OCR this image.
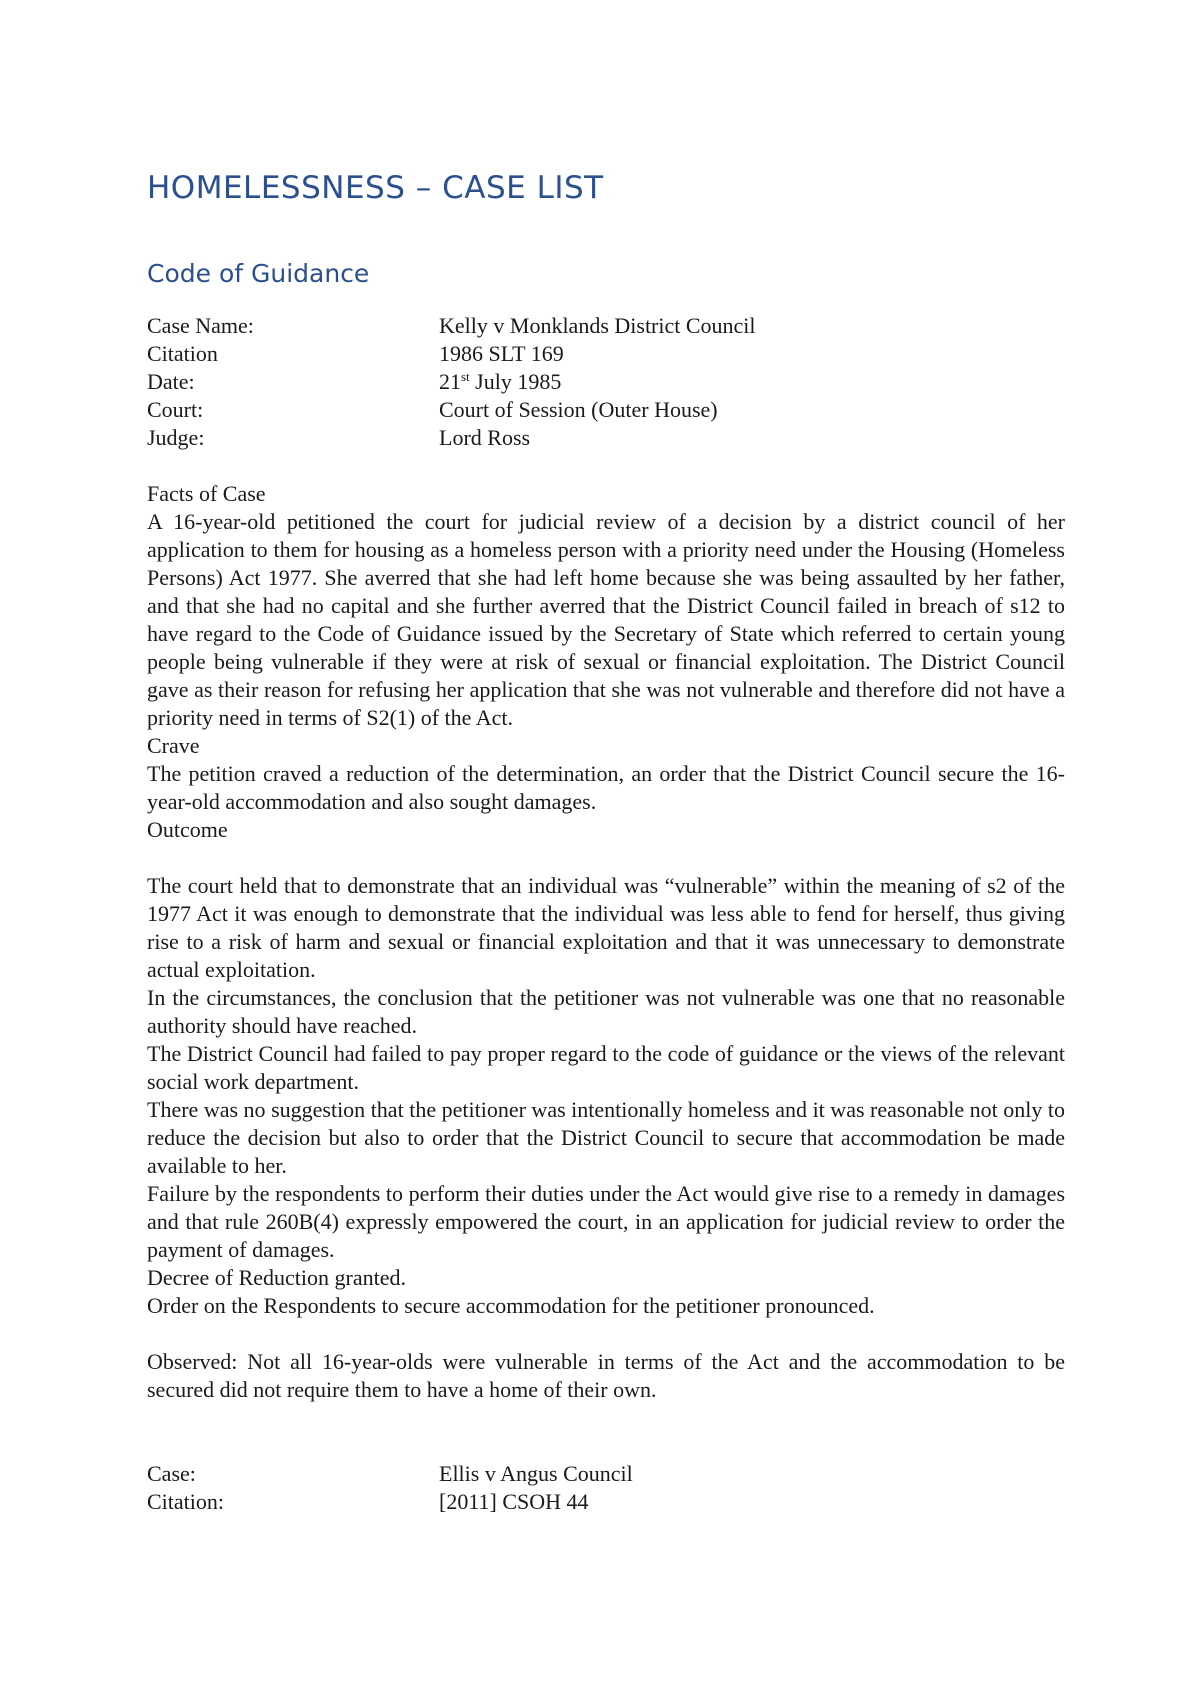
HOMELESSNESS – CASE LIST
Code of Guidance
Case Name:	Kelly v Monklands District Council
Citation	1986 SLT 169
Date:	21st July 1985
Court:	Court of Session (Outer House)
Judge:	Lord Ross

Facts of Case

A 16-year-old petitioned the court for judicial review of a decision by a district council of her application to them for housing as a homeless person with a priority need under the Housing (Homeless Persons) Act 1977. She averred that she had left home because she was being assaulted by her father, and that she had no capital and she further averred that the District Council failed in breach of s12 to have regard to the Code of Guidance issued by the Secretary of State which referred to certain young people being vulnerable if they were at risk of sexual or financial exploitation. The District Council gave as their reason for refusing her application that she was not vulnerable and therefore did not have a priority need in terms of S2(1) of the Act.

Crave

The petition craved a reduction of the determination, an order that the District Council secure the 16-year-old accommodation and also sought damages.

Outcome

The court held that to demonstrate that an individual was “vulnerable” within the meaning of s2 of the 1977 Act it was enough to demonstrate that the individual was less able to fend for herself, thus giving rise to a risk of harm and sexual or financial exploitation and that it was unnecessary to demonstrate actual exploitation.

In the circumstances, the conclusion that the petitioner was not vulnerable was one that no reasonable authority should have reached.

The District Council had failed to pay proper regard to the code of guidance or the views of the relevant social work department.

There was no suggestion that the petitioner was intentionally homeless and it was reasonable not only to reduce the decision but also to order that the District Council to secure that accommodation be made available to her.

Failure by the respondents to perform their duties under the Act would give rise to a remedy in damages and that rule 260B(4) expressly empowered the court, in an application for judicial review to order the payment of damages.

Decree of Reduction granted.

Order on the Respondents to secure accommodation for the petitioner pronounced.

Observed: Not all 16-year-olds were vulnerable in terms of the Act and the accommodation to be secured did not require them to have a home of their own.

Case:	Ellis v Angus Council
Citation:	[2011] CSOH 44
